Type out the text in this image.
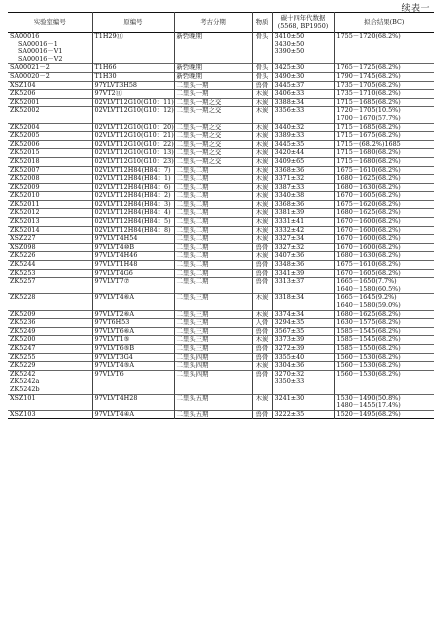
续表一
实验室编号	原编号	考古分期	物质	碳十四年代数据
(5568, BP1950)	拟合结果(BC)

SA00016
SA00016－1
SA00016－V1
SA00016－V2	T1H29⑪	新砦晚期	骨头	3410±50
3430±50
3390±50	1755－1720(68.2%)

SA00021－2	T1H66	新砦晚期	骨头	3425±30	1765－1725(68.2%)

SA00020－2	T1H30	新砦晚期	骨头	3490±30	1790－1745(68.2%)

XSZ104	97YLVT3H58	二里头一期	兽骨	3445±37	1735－1705(68.2%)

ZK5206	97VT2⑪	二里头一期	木炭	3406±33	1735－1710(68.2%)

ZK52001	02VLVT12G10(G10：11)	二里头一期之交	木炭	3388±34	1715－1685(68.2%)

ZK52002	02VLVT12G10(G10：12)	二里头一期之交	木炭	3356±33	1720－1705(10.5%)
1700－1670(57.7%)

ZK52004	02VLVT12G10(G10：20)	二里头一期之交	木炭	3440±32	1715－1685(68.2%)

ZK52005	02VLVT12G10(G10：21)	二里头一期之交	木炭	3389±33	1715－1675(68.2%)

ZK52006	02VLVT12G10(G10：22)	二里头一期之交	木炭	3445±35	1715－(68.2%)1685

ZK52015	02VLVT12G10(G10：13)	二里头一期之交	木炭	3420±44	1715－1680(68.2%)

ZK52018	02VLVT12G10(G10：23)	二里头一期之交	木炭	3409±65	1715－1680(68.2%)

ZK52007	02VLVT12H84(H84：7)	二里头二期	木炭	3368±36	1675－1610(68.2%)

ZK52008	02VLVT12H84(H84：1)	二里头二期	木炭	3371±32	1680－1625(68.2%)

ZK52009	02VLVT12H84(H84：6)	二里头二期	木炭	3387±33	1680－1630(68.2%)

ZK52010	02VLVT12H84(H84：2)	二里头二期	木炭	3340±38	1670－1605(68.2%)

ZK52011	02VLVT12H84(H84：3)	二里头二期	木炭	3368±36	1675－1620(68.2%)

ZK52012	02VLVT12H84(H84：4)	二里头二期	木炭	3381±39	1680－1625(68.2%)

ZK52013	02VLVT12H84(H84：5)	二里头二期	木炭	3331±41	1670－1600(68.2%)

ZK52014	02VLVT12H84(H84：8)	二里头二期	木炭	3332±42	1670－1600(68.2%)

XSZ227	97VLVT4H54	二里头二期	木炭	3327±34	1670－1600(68.2%)

XSZ098	97VLVT4⑩B	二里头二期	兽骨	3327±32	1670－1600(68.2%)

ZK5226	97VLVT4H46	二里头二期	木炭	3407±36	1680－1630(68.2%)

ZK5244	97VLVT1H48	二里头二期	兽骨	3348±36	1675－1610(68.2%)

ZK5253	97VLVT4G6	二里头二期	兽骨	3341±39	1670－1605(68.2%)

ZK5257	97VLVT7⑦	二里头二期	兽骨	3313±37	1665－1650(7.7%)
1640－1580(60.5%)

ZK5228	97VLVT4⑥A	二里头三期	木炭	3318±34	1665－1645(9.2%)
1640－1580(59.0%)

ZK5209	97VLVT2⑥A	二里头三期	木炭	3374±34	1680－1625(68.2%)

ZK5236	97VT6H53	二里头三期	人骨	3294±35	1630－1575(68.2%)

ZK5249	97VLVT6⑥A	二里头三期	兽骨	3567±35	1585－1545(68.2%)

ZK5200	97VLVT1⑤	二里头三期	木炭	3373±39	1585－1545(68.2%)

ZK5247	97VLVT6⑤B	二里头三期	兽骨	3272±39	1585－1550(68.2%)

ZK5255	97VLVT3G4	二里头四期	兽骨	3355±40	1560－1530(68.2%)

ZK5229	97VLVT4⑤A	二里头四期	木炭	3304±36	1560－1530(68.2%)

ZK5242
ZK5242a
ZK5242b	97VLVT6	二里头四期	兽骨	3270±32
3350±33	1560－1530(68.2%)

XSZ101	97VLVT4H28	二里头五期	木炭	3241±30	1530－1490(50.8%)
1480－1455(17.4%)

XSZ103	97VLVT4④A	二里头五期	兽骨	3222±35	1520－1495(68.2%)
